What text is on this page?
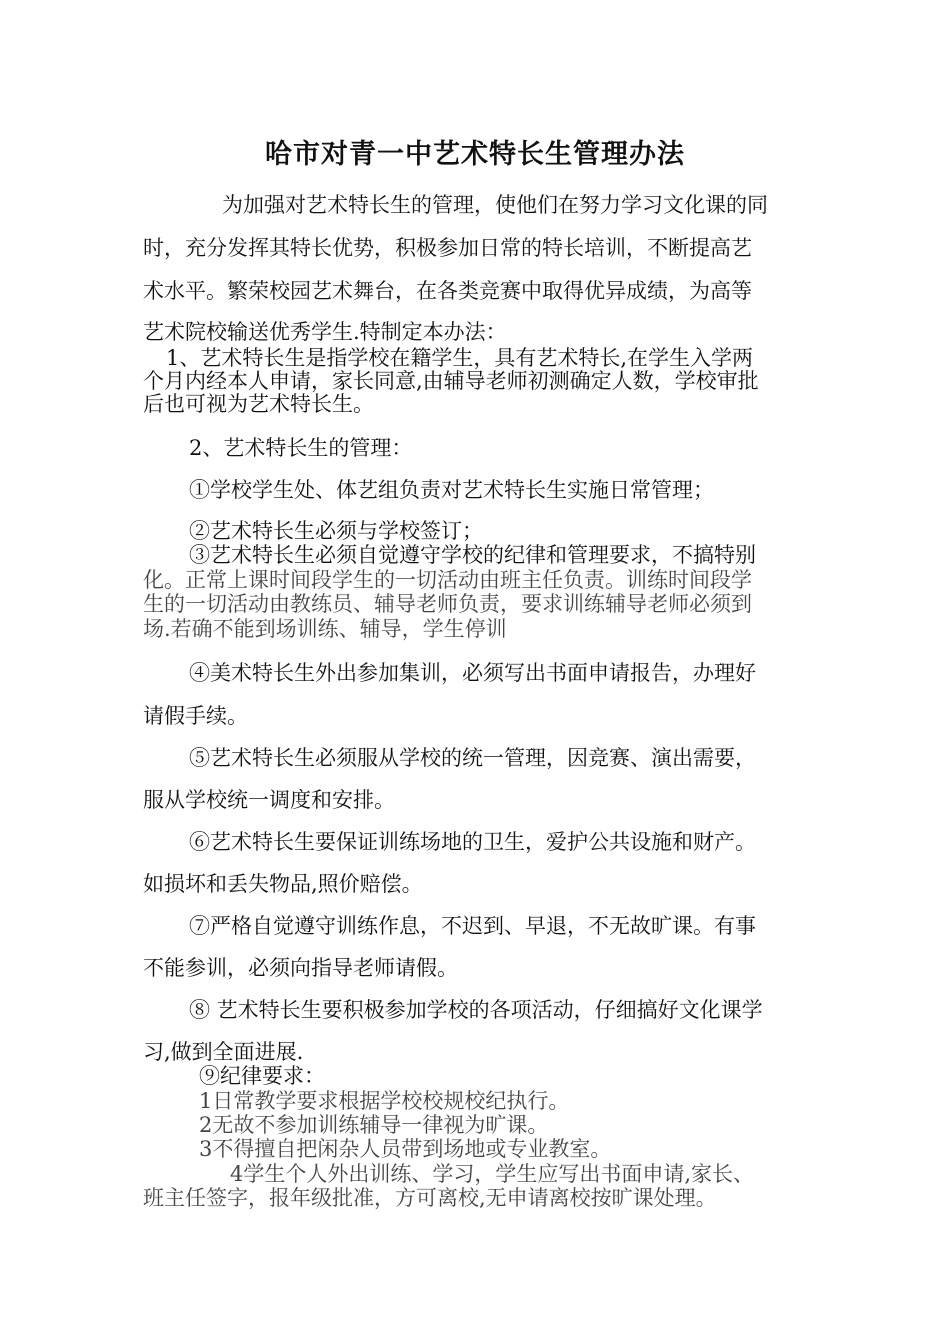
哈市对青一中艺术特长生管理办法
为加强对艺术特长生的管理，使他们在努力学习文化课的同
时，充分发挥其特长优势，积极参加日常的特长培训，不断提高艺
术水平。繁荣校园艺术舞台，在各类竞赛中取得优异成绩，为高等
艺术院校输送优秀学生.特制定本办法：
1、艺术特长生是指学校在籍学生，具有艺术特长,在学生入学两
个月内经本人申请，家长同意,由辅导老师初测确定人数，学校审批
后也可视为艺术特长生。
2、艺术特长生的管理：
①学校学生处、体艺组负责对艺术特长生实施日常管理；
②艺术特长生必须与学校签订；
③艺术特长生必须自觉遵守学校的纪律和管理要求，不搞特别
化。正常上课时间段学生的一切活动由班主任负责。训练时间段学
生的一切活动由教练员、辅导老师负责，要求训练辅导老师必须到
场.若确不能到场训练、辅导，学生停训
④美术特长生外出参加集训，必须写出书面申请报告，办理好
请假手续。
⑤艺术特长生必须服从学校的统一管理，因竞赛、演出需要，
服从学校统一调度和安排。
⑥艺术特长生要保证训练场地的卫生，爱护公共设施和财产。
如损坏和丢失物品,照价赔偿。
⑦严格自觉遵守训练作息，不迟到、早退，不无故旷课。有事
不能参训，必须向指导老师请假。
⑧ 艺术特长生要积极参加学校的各项活动，仔细搞好文化课学
习,做到全面进展.
⑨纪律要求：
1日常教学要求根据学校校规校纪执行。
2无故不参加训练辅导一律视为旷课。
3不得擅自把闲杂人员带到场地或专业教室。
4学生个人外出训练、学习，学生应写出书面申请,家长、
班主任签字，报年级批准，方可离校,无申请离校按旷课处理。
